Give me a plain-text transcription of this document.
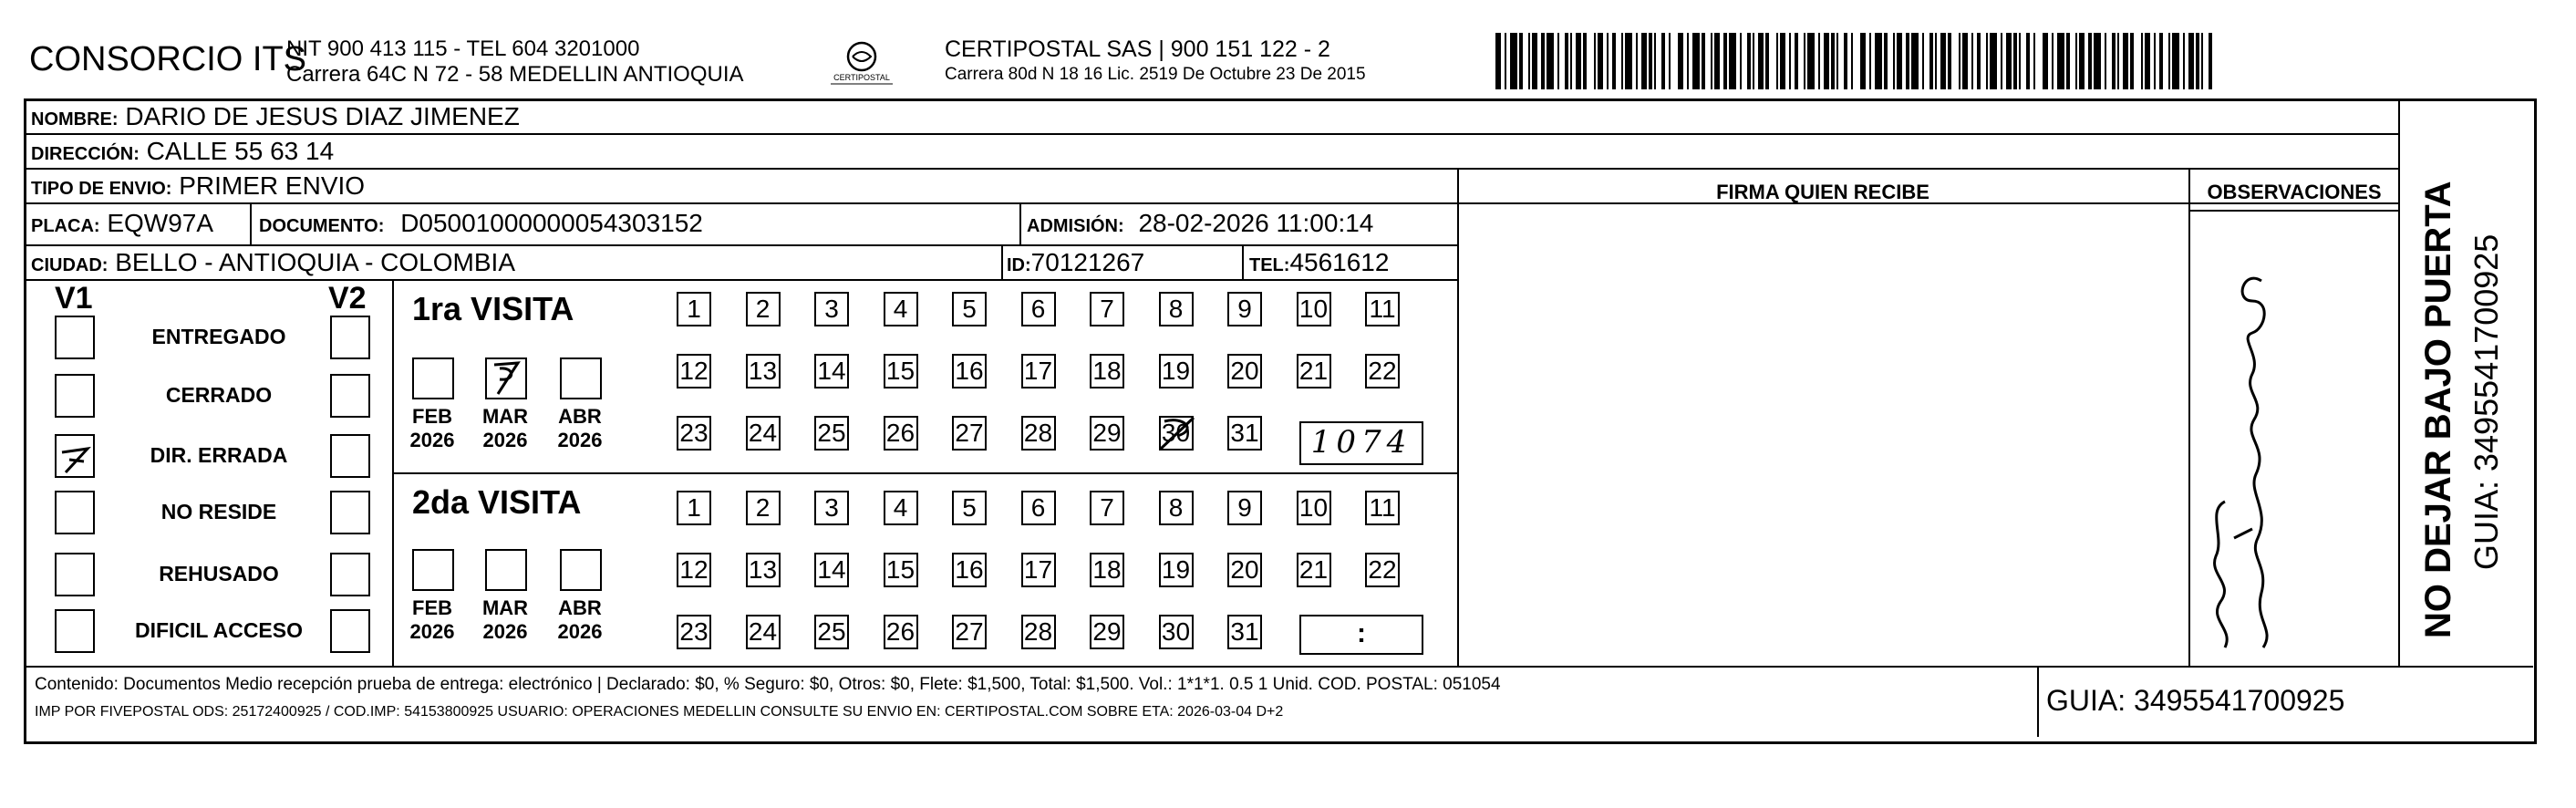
CONSORCIO ITS
NIT 900 413 115 - TEL 604 3201000
Carrera 64C N 72 - 58 MEDELLIN ANTIOQUIA	CERTIPOSTAL
CERTIPOSTAL SAS | 900 151 122 - 2
Carrera 80d N 18 16 Lic. 2519 De Octubre 23 De 2015
NOMBRE: DARIO DE JESUS DIAZ JIMENEZ
DIRECCIÓN: CALLE 55 63 14
TIPO DE ENVIO: PRIMER ENVIO
PLACA: EQW97A DOCUMENTO: D05001000000054303152	ADMISIÓN: 28-02-2026 11:00:14
CIUDAD: BELLO - ANTIOQUIA - COLOMBIA	ID:70121267	TEL:4561612
FIRMA QUIEN RECIBE	OBSERVACIONES
V1	V2
ENTREGADO
CERRADO
DIR. ERRADA
NO RESIDE
REHUSADO
DIFICIL ACCESO
1ra VISITA
2da VISITA
FEB
2026
MAR
2026
ABR
2026
FEB
2026
MAR
2026
ABR
2026
1	2	3	4	5	6	7	8	9	10 11
12 13 14 15 16 17 18 19 20 21 22
23 24 25 26 27 28 29 30 31
1	2	3	4	5	6	7	8	9	10 11
12 13 14 15 16 17 18 19 20 21 22
23 24 25 26 27 28 29 30 31
1074
:
Contenido: Documentos Medio recepción prueba de entrega: electrónico | Declarado: $0, % Seguro: $0, Otros: $0, Flete: $1,500, Total: $1,500. Vol.: 1*1*1. 0.5 1 Unid. COD. POSTAL: 051054
IMP POR FIVEPOSTAL ODS: 25172400925 / COD.IMP: 54153800925 USUARIO: OPERACIONES MEDELLIN CONSULTE SU ENVIO EN: CERTIPOSTAL.COM SOBRE ETA: 2026-03-04 D+2	GUIA: 3495541700925
NO DEJAR BAJO PUERTA GUIA: 3495541700925
